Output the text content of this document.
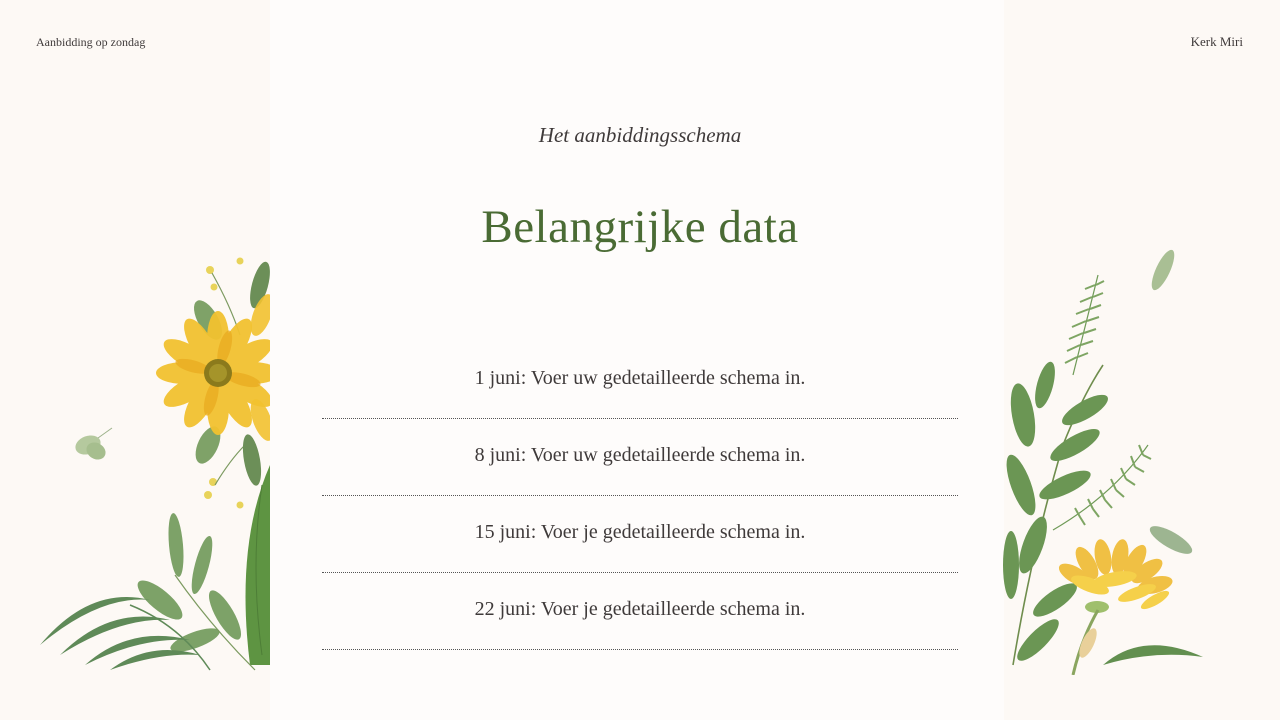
Aanbidding op zondag	Kerk Miri
Het aanbiddingsschema
Belangrijke data
1 juni: Voer uw gedetailleerde schema in.
8 juni: Voer uw gedetailleerde schema in.
15 juni: Voer je gedetailleerde schema in.
22 juni: Voer je gedetailleerde schema in.
